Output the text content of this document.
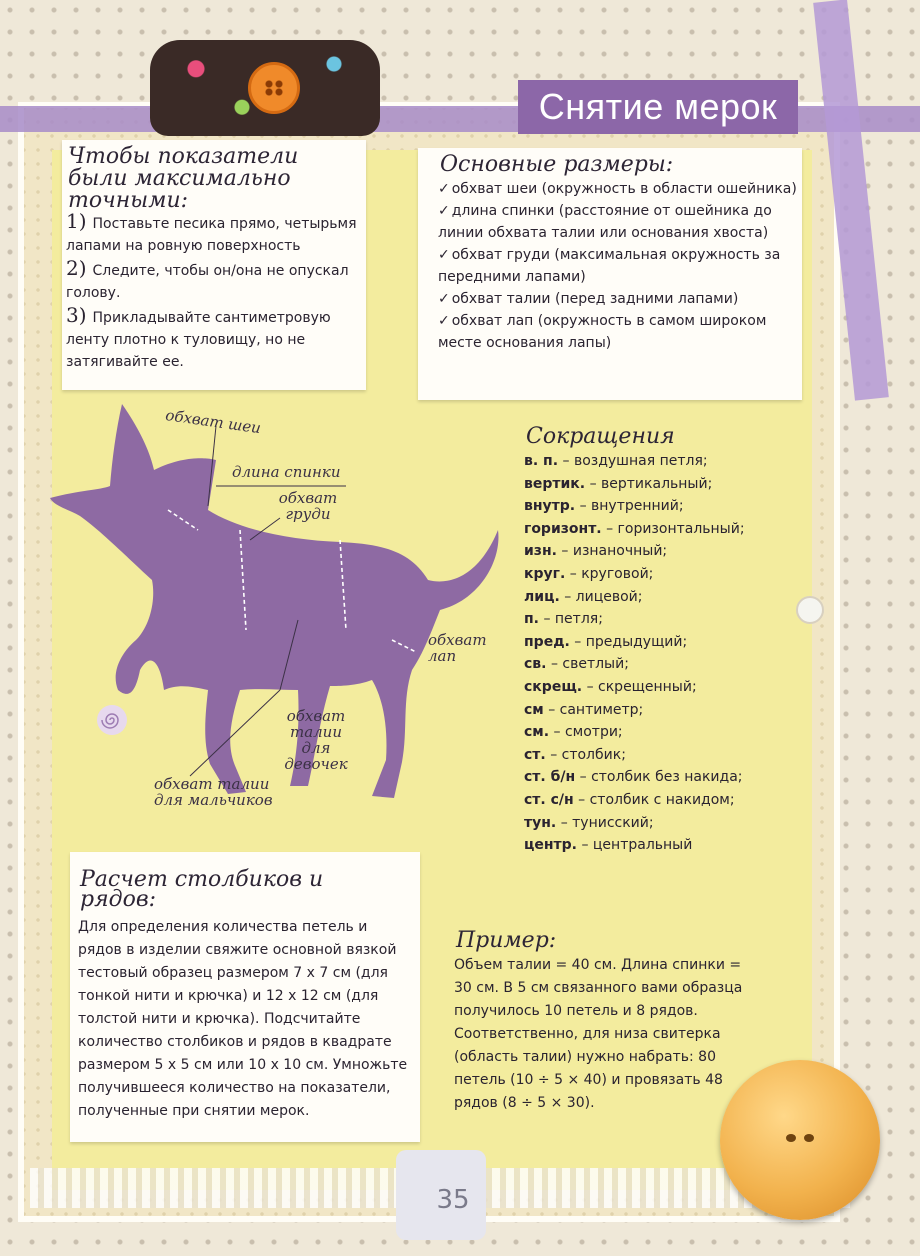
Снятие мерок
Чтобы показатели были максимально точными:

1) Поставьте песика прямо, четырьмя лапами на ровную поверхность

2) Следите, чтобы он/она не опускал голову.

3) Прикладывайте сантиметровую ленту плотно к туловищу, но не затягивайте ее.

Основные размеры:

✓ обхват шеи (окружность в области ошейника)

✓ длина спинки (расстояние от ошейника до линии обхвата талии или основания хвоста)

✓ обхват груди (максимальная окружность за передними лапами)

✓ обхват талии (перед задними лапами)

✓ обхват лап (окружность в самом широком месте основания лапы)

обхват шеи
длина спинки
обхват груди
обхват лап
обхват талии для девочек
обхват талии для мальчиков
Сокращения

в. п. – воздушная петля;

вертик. – вертикальный;

внутр. – внутренний;

горизонт. – горизонтальный;

изн. – изнаночный;

круг. – круговой;

лиц. – лицевой;

п. – петля;

пред. – предыдущий;

св. – светлый;

скрещ. – скрещенный;

см – сантиметр;

см. – смотри;

ст. – столбик;

ст. б/н – столбик без накида;

ст. с/н – столбик с накидом;

тун. – тунисский;

центр. – центральный

Расчет столбиков и рядов:
Для определения количества петель и рядов в изделии свяжите основной вязкой тестовый образец размером 7 х 7 см (для тонкой нити и крючка) и 12 х 12 см (для толстой нити и крючка). Подсчитайте количество столбиков и рядов в квадрате размером 5 х 5 см или 10 х 10 см. Умножьте получившееся количество на показатели, полученные при снятии мерок.
Пример:
Объем талии = 40 см. Длина спинки = 30 см. В 5 см связанного вами образца получилось 10 петель и 8 рядов. Соответственно, для низа свитерка (область талии) нужно набрать: 80 петель (10 ÷ 5 × 40) и провязать 48 рядов (8 ÷ 5 × 30).
35
